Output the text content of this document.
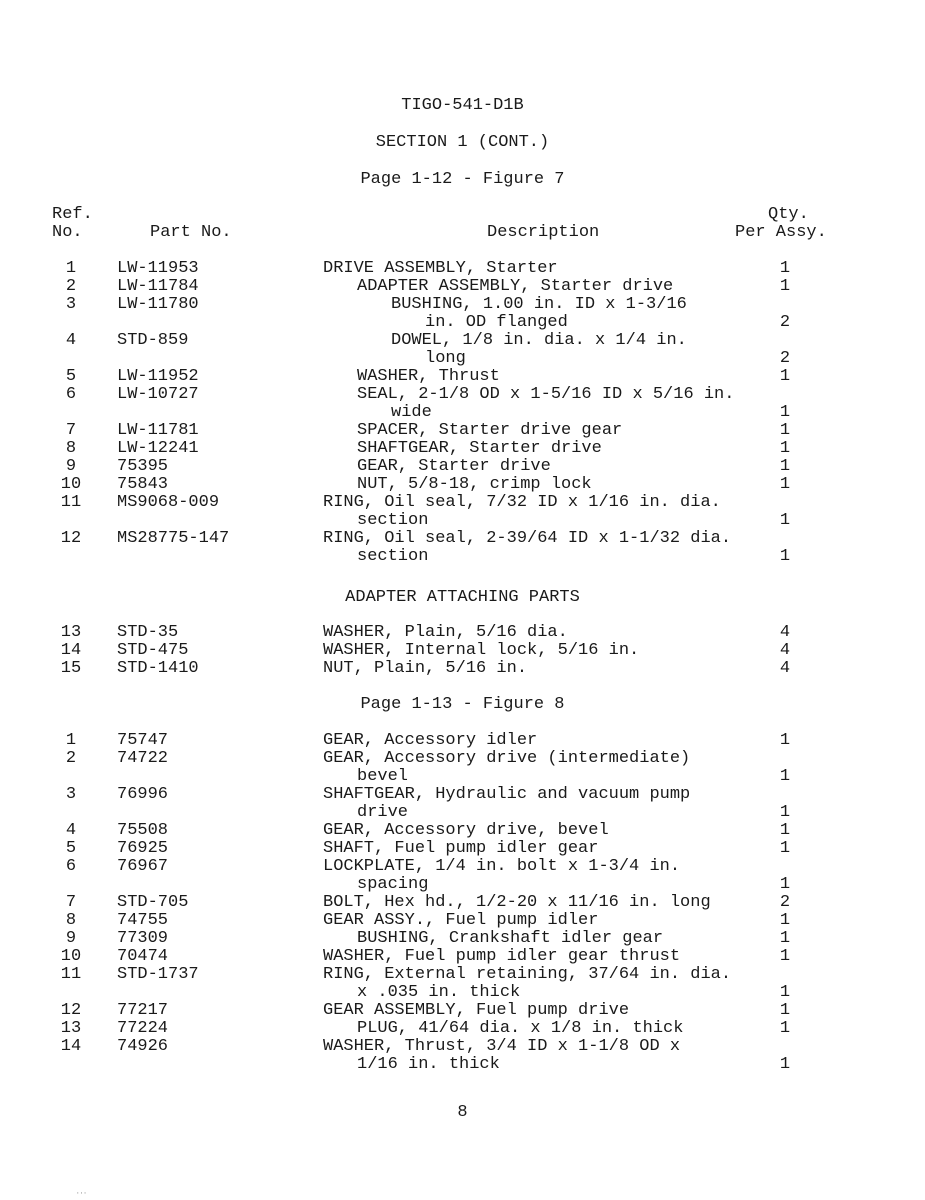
TIGO-541-D1B
SECTION 1 (CONT.)
Page 1-12 - Figure 7
Ref.
No.	Part No.	Description
Qty.
Per Assy.
1	LW-11953	DRIVE ASSEMBLY, Starter	1
2	LW-11784	ADAPTER ASSEMBLY, Starter drive	1
3	LW-11780	BUSHING, 1.00 in. ID x 1-3/16
in. OD flanged	2
4	STD-859	DOWEL, 1/8 in. dia. x 1/4 in.
long	2
5	LW-11952	WASHER, Thrust	1
6	LW-10727	SEAL, 2-1/8 OD x 1-5/16 ID x 5/16 in.
wide	1
7	LW-11781	SPACER, Starter drive gear	1
8	LW-12241	SHAFTGEAR, Starter drive	1
9	75395	GEAR, Starter drive	1
10 75843	NUT, 5/8-18, crimp lock	1
11 MS9068-009	RING, Oil seal, 7/32 ID x 1/16 in. dia.
section	1
12 MS28775-147	RING, Oil seal, 2-39/64 ID x 1-1/32 dia.
section	1
ADAPTER ATTACHING PARTS
13 STD-35	WASHER, Plain, 5/16 dia.	4
14 STD-475	WASHER, Internal lock, 5/16 in.	4
15 STD-1410	NUT, Plain, 5/16 in.	4
Page 1-13 - Figure 8
1	75747	GEAR, Accessory idler	1
2	74722	GEAR, Accessory drive (intermediate)
bevel	1
3	76996	SHAFTGEAR, Hydraulic and vacuum pump
drive	1
4	75508	GEAR, Accessory drive, bevel	1
5	76925	SHAFT, Fuel pump idler gear	1
6	76967	LOCKPLATE, 1/4 in. bolt x 1-3/4 in.
spacing	1
7	STD-705	BOLT, Hex hd., 1/2-20 x 11/16 in. long	2
8	74755	GEAR ASSY., Fuel pump idler	1
9	77309	BUSHING, Crankshaft idler gear	1
10 70474	WASHER, Fuel pump idler gear thrust	1
11 STD-1737	RING, External retaining, 37/64 in. dia.
x .035 in. thick	1
12 77217	GEAR ASSEMBLY, Fuel pump drive	1
13 77224	PLUG, 41/64 dia. x 1/8 in. thick	1
14 74926	WASHER, Thrust, 3/4 ID x 1-1/8 OD x
1/16 in. thick	1
8
⋅⋅⋅
